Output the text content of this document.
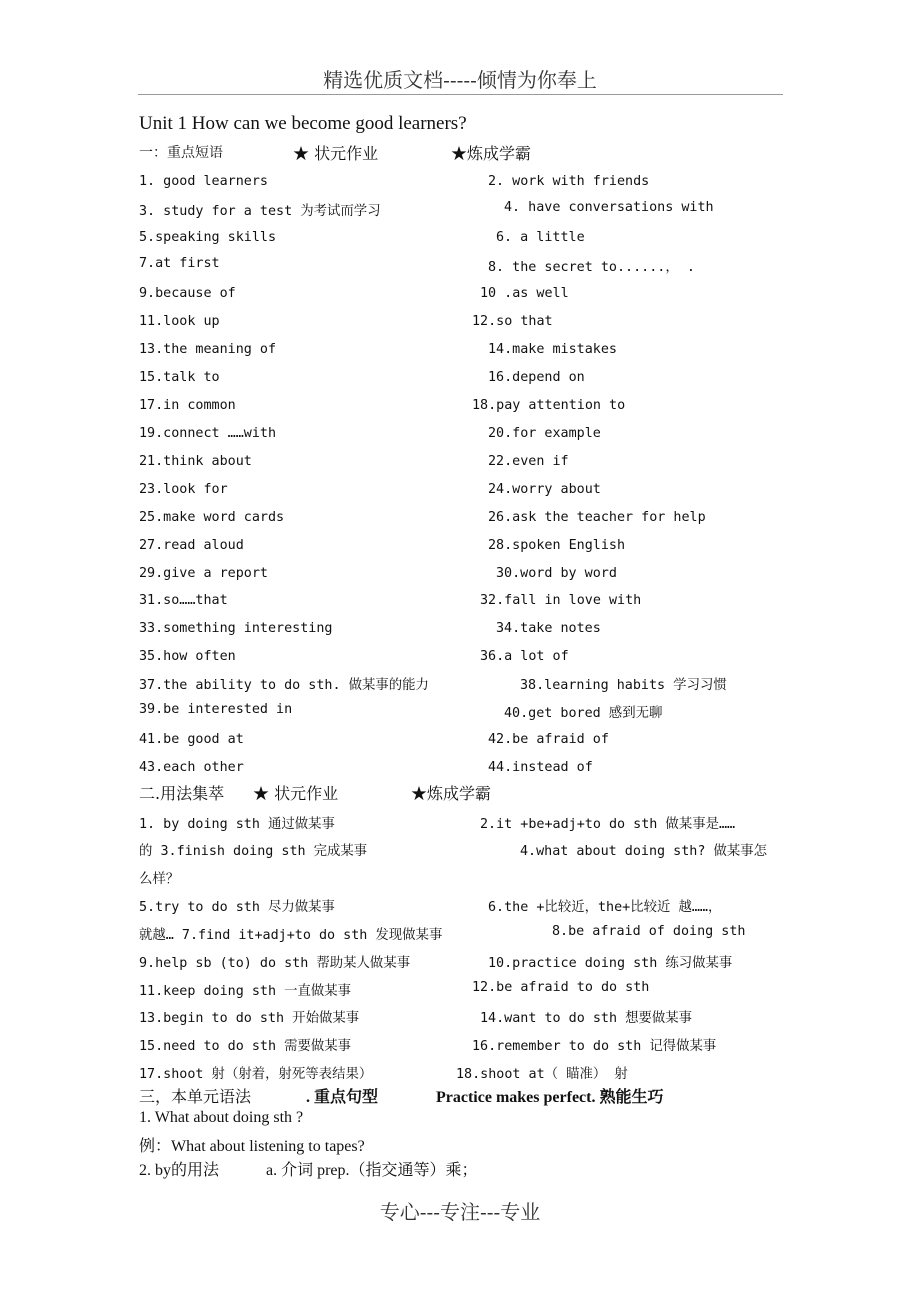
精选优质文档-----倾情为你奉上
Unit 1 How can we become good learners?
一：重点短语	★ 状元作业	★炼成学霸
1. good learners	2. work with friends
3. study for a test 为考试而学习	4. have conversations with
5.speaking skills	6. a little
7.at first	8. the secret to......， .
9.because of	10 .as well
11.look up	12.so that
13.the meaning of	14.make mistakes
15.talk to	16.depend on
17.in common	18.pay attention to
19.connect ……with	20.for example
21.think about	22.even if
23.look for	24.worry about
25.make word cards	26.ask the teacher for help
27.read aloud	28.spoken English
29.give a report	30.word by word
31.so……that	32.fall in love with
33.something interesting	34.take notes
35.how often	36.a lot of
37.the ability to do sth. 做某事的能力	38.learning habits 学习习惯
39.be interested in	40.get bored 感到无聊
41.be good at	42.be afraid of
43.each other	44.instead of
二.用法集萃 ★ 状元作业	★炼成学霸
1. by doing sth 通过做某事	2.it +be+adj+to do sth 做某事是……
的 3.finish doing sth 完成某事	4.what about doing sth? 做某事怎
么样？
5.try to do sth 尽力做某事	6.the +比较近，the+比较近 越……，
就越… 7.find it+adj+to do sth 发现做某事	8.be afraid of doing sth
9.help sb (to) do sth 帮助某人做某事	10.practice doing sth 练习做某事
11.keep doing sth 一直做某事	12.be afraid to do sth
13.begin to do sth 开始做某事	14.want to do sth 想要做某事
15.need to do sth 需要做某事	16.remember to do sth 记得做某事
17.shoot 射（射着，射死等表结果）	18.shoot at（ 瞄准） 射
三，本单元语法	. 重点句型	Practice makes perfect. 熟能生巧
1. What about doing sth ?
例：What about listening to tapes?
2. by的用法	a. 介词 prep.（指交通等）乘；
专心---专注---专业
